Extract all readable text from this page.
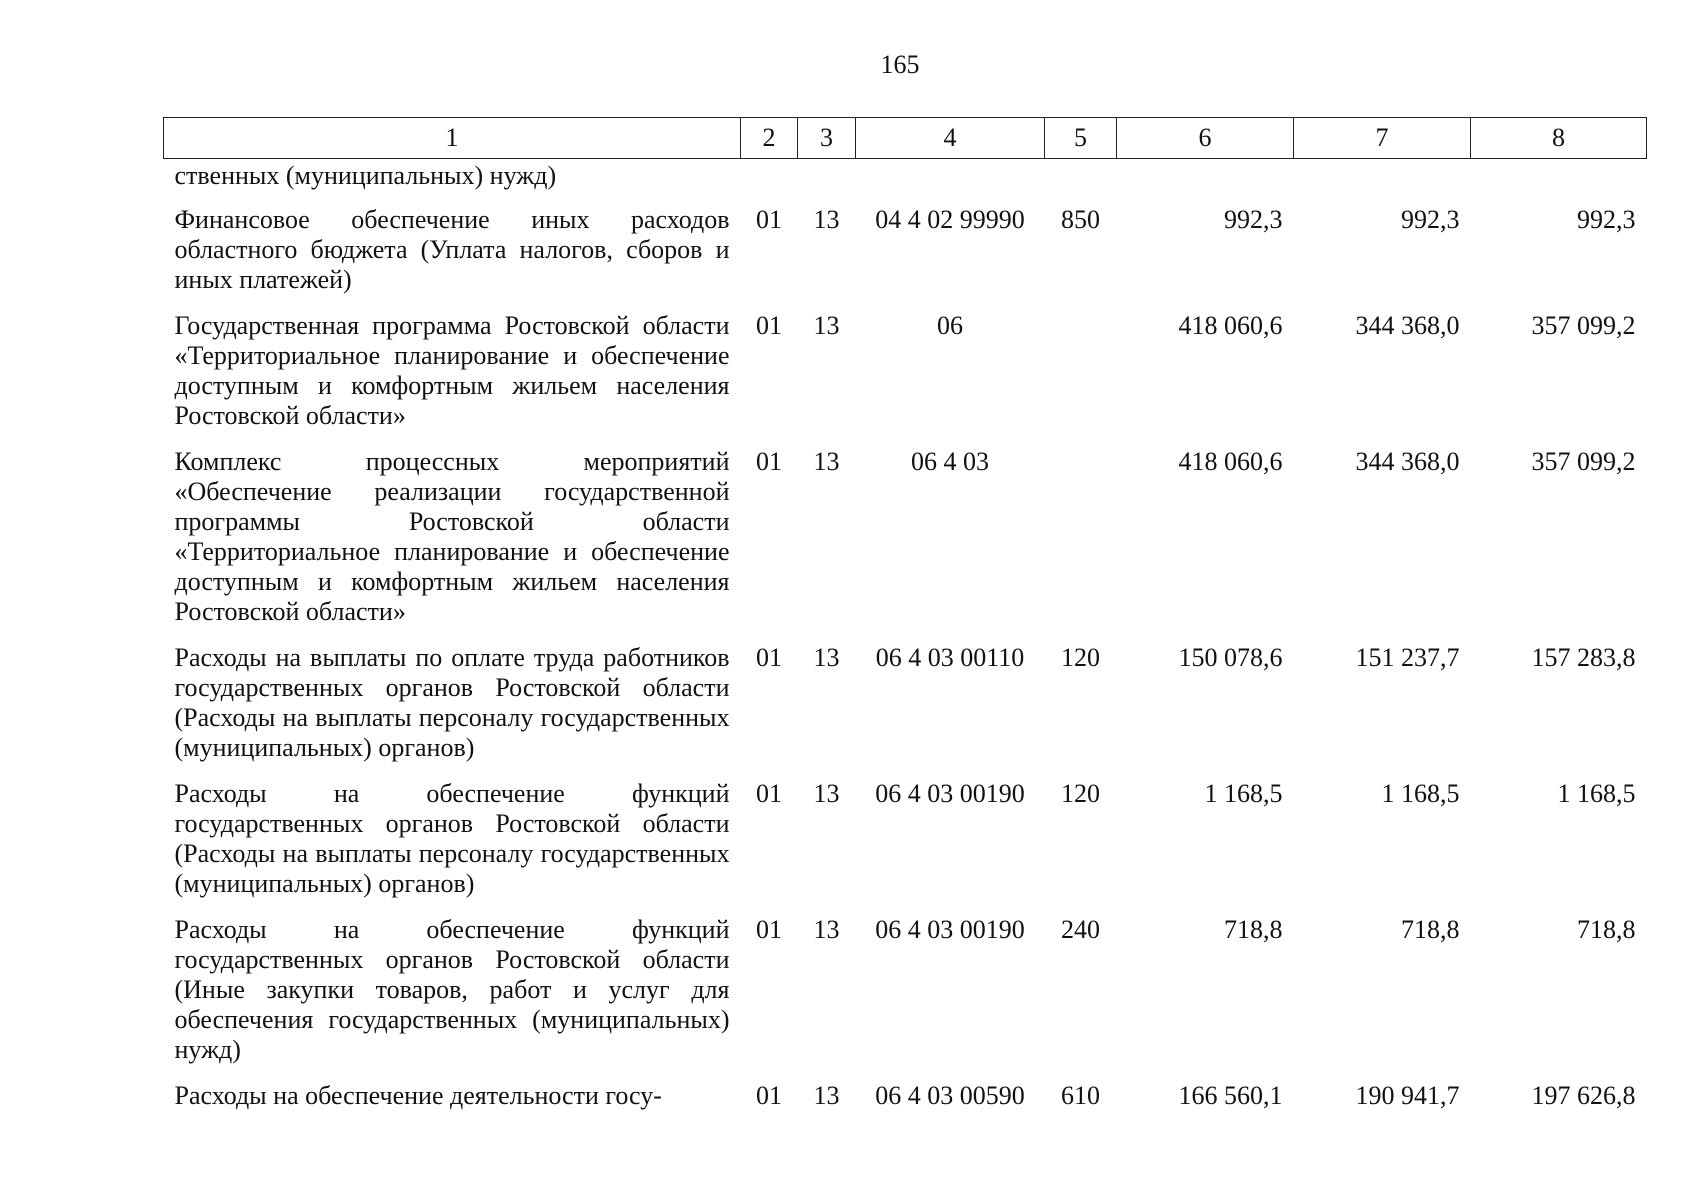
165
1	2	3	4	5	6	7	8
ственных (муниципальных) нужд)							
Финансовое обеспечение иных расходов областного бюджета (Уплата налогов, сборов и иных платежей)	01	13	04 4 02 99990	850	992,3	992,3	992,3
Государственная программа Ростовской области «Территориальное планирование и обеспечение доступным и комфортным жильем населения Ростовской области»	01	13	06		418 060,6	344 368,0	357 099,2
Комплекс процессных мероприятий «Обеспечение реализации государственной программы Ростовской области «Территориальное планирование и обеспечение доступным и комфортным жильем населения Ростовской области»	01	13	06 4 03		418 060,6	344 368,0	357 099,2
Расходы на выплаты по оплате труда работников государственных органов Ростовской области (Расходы на выплаты персоналу государственных (муниципальных) органов)	01	13	06 4 03 00110	120	150 078,6	151 237,7	157 283,8
Расходы на обеспечение функций государственных органов Ростовской области (Расходы на выплаты персоналу государственных (муниципальных) органов)	01	13	06 4 03 00190	120	1 168,5	1 168,5	1 168,5
Расходы на обеспечение функций государственных органов Ростовской области (Иные закупки товаров, работ и услуг для обеспечения государственных (муниципальных) нужд)	01	13	06 4 03 00190	240	718,8	718,8	718,8
Расходы на обеспечение деятельности госу-	01	13	06 4 03 00590	610	166 560,1	190 941,7	197 626,8
